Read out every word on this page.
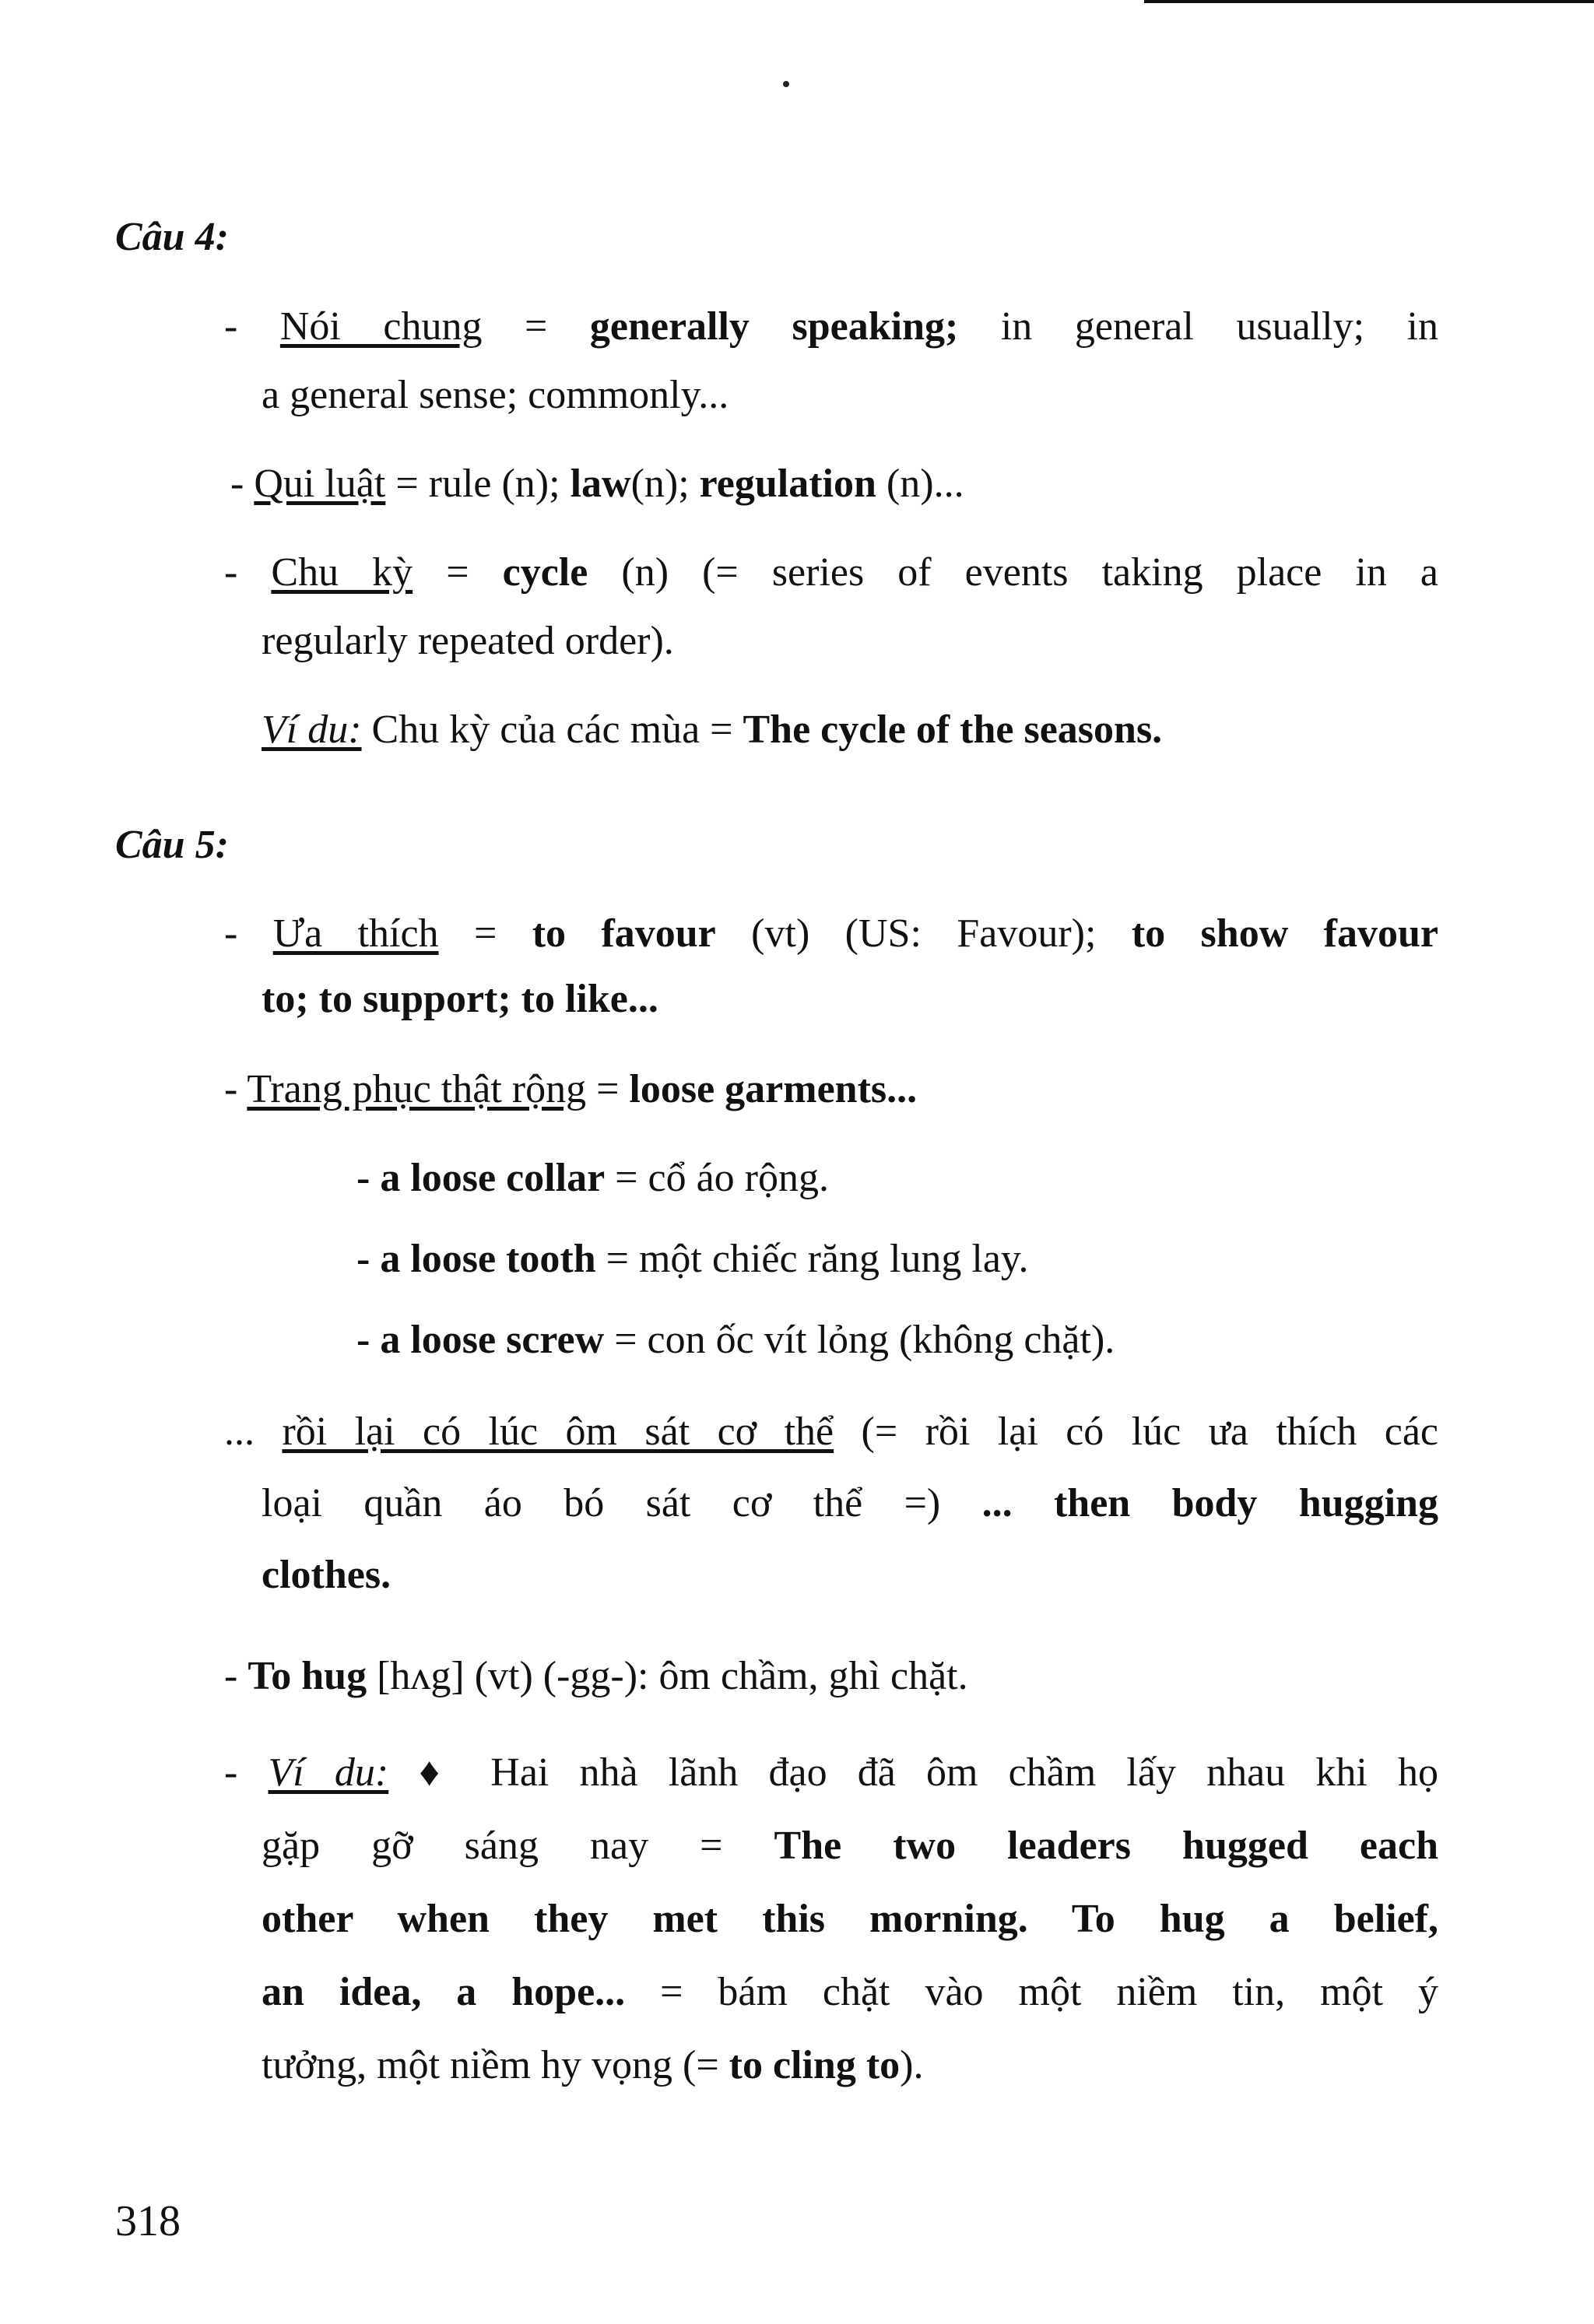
Câu 4:
- Nói chung = generally speaking; in general usually; in
a general sense; commonly...
- Qui luật = rule (n); law(n); regulation (n)...
- Chu kỳ = cycle (n) (= series of events taking place in a
regularly repeated order).
Ví du: Chu kỳ của các mùa = The cycle of the seasons.
Câu 5:
- Ưa thích = to favour (vt) (US: Favour); to show favour
to; to support; to like...
- Trang phục thật rộng = loose garments...
- a loose collar = cổ áo rộng.
- a loose tooth = một chiếc răng lung lay.
- a loose screw = con ốc vít lỏng (không chặt).
... rồi lại có lúc ôm sát cơ thể (= rồi lại có lúc ưa thích các
loại quần áo bó sát cơ thể =) ... then body hugging
clothes.
- To hug [hʌg] (vt) (-gg-): ôm chầm, ghì chặt.
- Ví du: ♦ Hai nhà lãnh đạo đã ôm chầm lấy nhau khi họ
gặp gỡ sáng nay = The two leaders hugged each
other when they met this morning. To hug a belief,
an idea, a hope... = bám chặt vào một niềm tin, một ý
tưởng, một niềm hy vọng (= to cling to).
318
